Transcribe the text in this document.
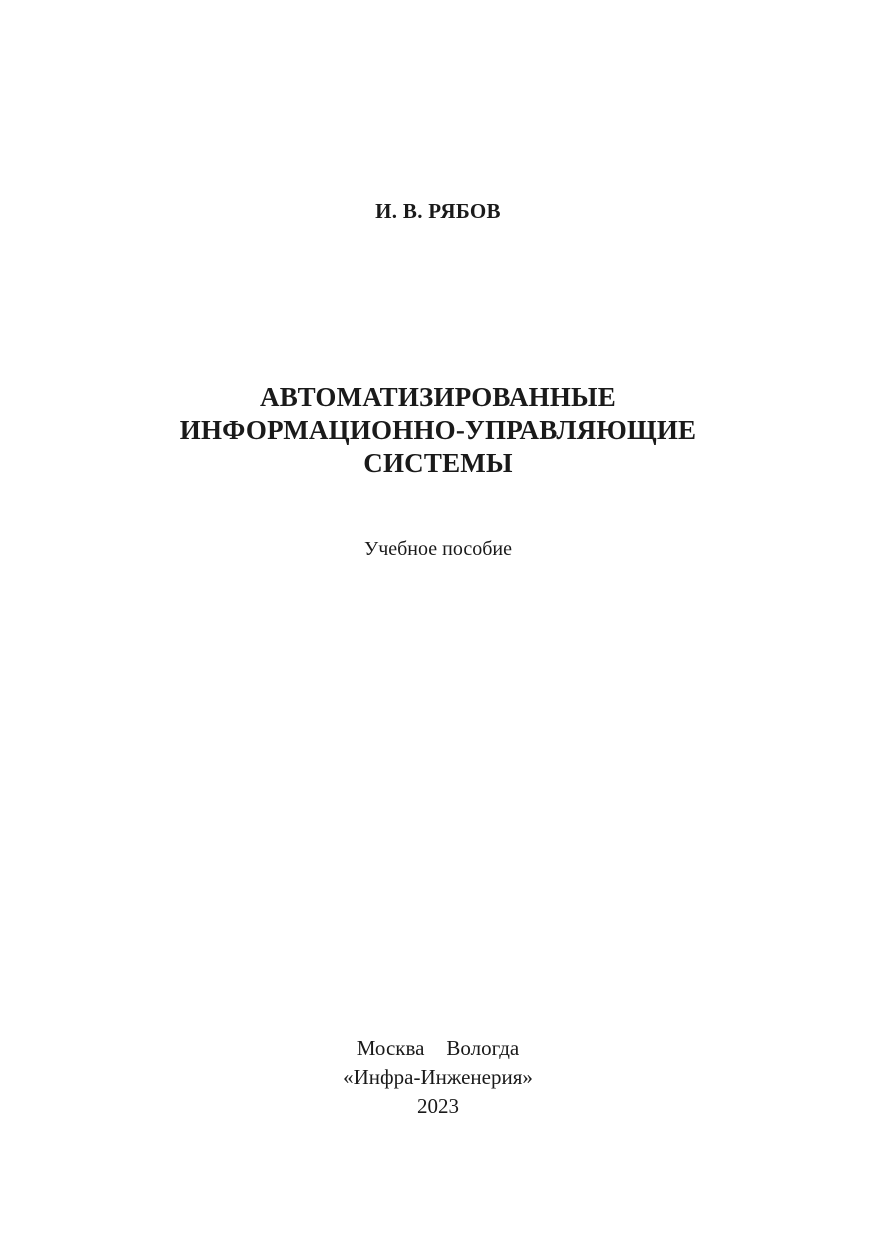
И. В. РЯБОВ
АВТОМАТИЗИРОВАННЫЕ
ИНФОРМАЦИОННО-УПРАВЛЯЮЩИЕ
СИСТЕМЫ
Учебное пособие
Москва Вологда
«Инфра-Инженерия»
2023
